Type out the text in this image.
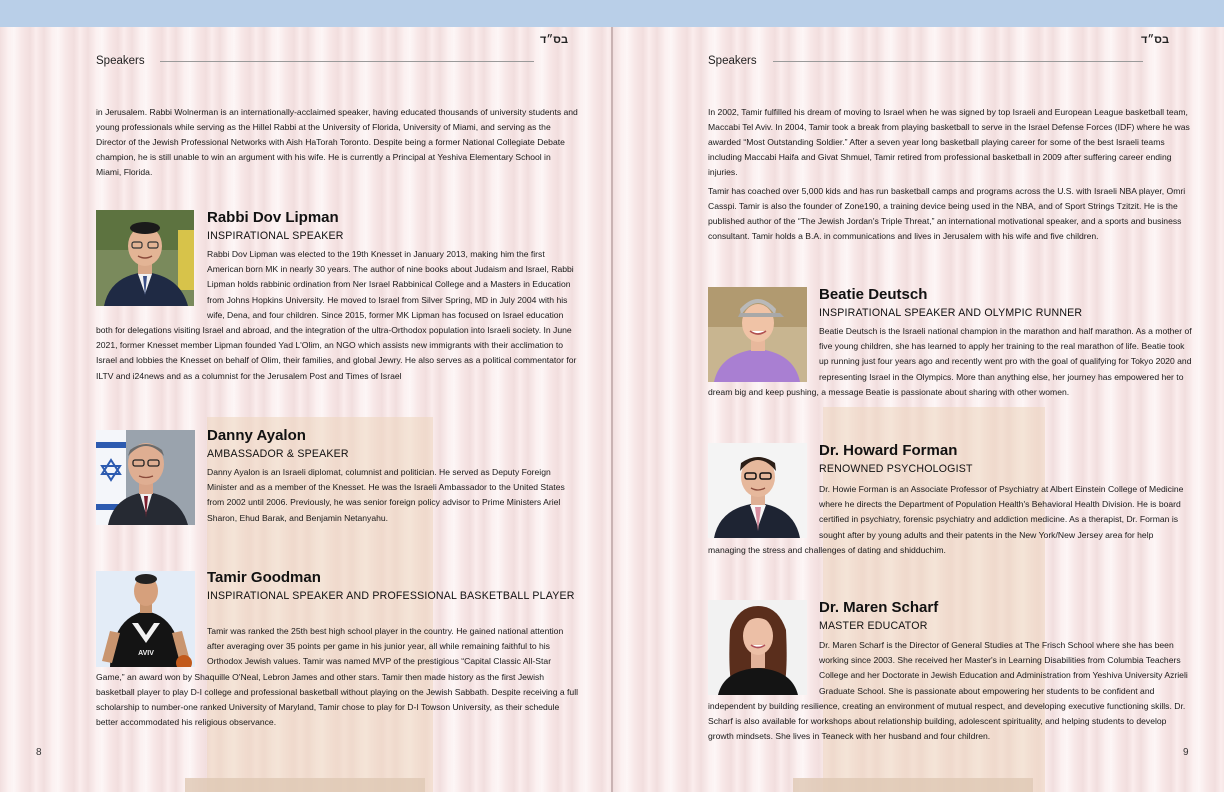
בס״ד
Speakers
in Jerusalem. Rabbi Wolnerman is an internationally-acclaimed speaker, having educated thousands of university students and young professionals while serving as the Hillel Rabbi at the University of Florida, University of Miami, and serving as the Director of the Jewish Professional Networks with Aish HaTorah Toronto. Despite being a former National Collegiate Debate champion, he is still unable to win an argument with his wife. He is currently a Principal at Yeshiva Elementary School in Miami, Florida.
Rabbi Dov Lipman
INSPIRATIONAL SPEAKER
Rabbi Dov Lipman was elected to the 19th Knesset in January 2013, making him the first American born MK in nearly 30 years. The author of nine books about Judaism and Israel, Rabbi Lipman holds rabbinic ordination from Ner Israel Rabbinical College and a Masters in Education from Johns Hopkins University. He moved to Israel from Silver Spring, MD in July 2004 with his wife, Dena, and four children. Since 2015, former MK Lipman has focused on Israel education both for delegations visiting Israel and abroad, and the integration of the ultra-Orthodox population into Israeli society. In June 2021, former Knesset member Lipman founded Yad L'Olim, an NGO which assists new immigrants with their acclimation to Israel and lobbies the Knesset on behalf of Olim, their families, and global Jewry. He also serves as a political commentator for ILTV and i24news and as a columnist for the Jerusalem Post and Times of Israel
Danny Ayalon
AMBASSADOR & SPEAKER
Danny Ayalon is an Israeli diplomat, columnist and politician. He served as Deputy Foreign Minister and as a member of the Knesset. He was the Israeli Ambassador to the United States from 2002 until 2006. Previously, he was senior foreign policy advisor to Prime Ministers Ariel Sharon, Ehud Barak, and Benjamin Netanyahu.
AVIV
Tamir Goodman
INSPIRATIONAL SPEAKER AND PROFESSIONAL BASKETBALL PLAYER
Tamir was ranked the 25th best high school player in the country. He gained national attention after averaging over 35 points per game in his junior year, all while remaining faithful to his Orthodox Jewish values. Tamir was named MVP of the prestigious “Capital Classic All-Star Game,” an award won by Shaquille O'Neal, Lebron James and other stars. Tamir then made history as the first Jewish basketball player to play D-I college and professional basketball without playing on the Jewish Sabbath. Despite receiving a full scholarship to number-one ranked University of Maryland, Tamir chose to play for D-I Towson University, as their schedule better accommodated his religious observance.
8
בס״ד
Speakers
In 2002, Tamir fulfilled his dream of moving to Israel when he was signed by top Israeli and European League basketball team, Maccabi Tel Aviv. In 2004, Tamir took a break from playing basketball to serve in the Israel Defense Forces (IDF) where he was awarded “Most Outstanding Soldier.” After a seven year long basketball playing career for some of the best Israeli teams including Maccabi Haifa and Givat Shmuel, Tamir retired from professional basketball in 2009 after suffering career ending injuries.
Tamir has coached over 5,000 kids and has run basketball camps and programs across the U.S. with Israeli NBA player, Omri Casspi. Tamir is also the founder of Zone190, a training device being used in the NBA, and of Sport Strings Tzitzit. He is the published author of the “The Jewish Jordan's Triple Threat,” an international motivational speaker, and a sports and business consultant. Tamir holds a B.A. in communications and lives in Jerusalem with his wife and five children.
Beatie Deutsch
INSPIRATIONAL SPEAKER AND OLYMPIC RUNNER
Beatie Deutsch is the Israeli national champion in the marathon and half marathon. As a mother of five young children, she has learned to apply her training to the real marathon of life. Beatie took up running just four years ago and recently went pro with the goal of qualifying for Tokyo 2020 and representing Israel in the Olympics. More than anything else, her journey has empowered her to dream big and keep pushing, a message Beatie is passionate about sharing with other women.
Dr. Howard Forman
RENOWNED PSYCHOLOGIST
Dr. Howie Forman is an Associate Professor of Psychiatry at Albert Einstein College of Medicine where he directs the Department of Population Health's Behavioral Health Division. He is board certified in psychiatry, forensic psychiatry and addiction medicine. As a therapist, Dr. Forman is sought after by young adults and their patents in the New York/New Jersey area for help managing the stress and challenges of dating and shidduchim.
Dr. Maren Scharf
MASTER EDUCATOR
Dr. Maren Scharf is the Director of General Studies at The Frisch School where she has been working since 2003. She received her Master's in Learning Disabilities from Columbia Teachers College and her Doctorate in Jewish Education and Administration from Yeshiva University Azrieli Graduate School. She is passionate about empowering her students to be confident and independent by building resilience, creating an environment of mutual respect, and developing executive functioning skills. Dr. Scharf is also available for workshops about relationship building, adolescent spirituality, and helping students to develop growth mindsets. She lives in Teaneck with her husband and four children.
9
